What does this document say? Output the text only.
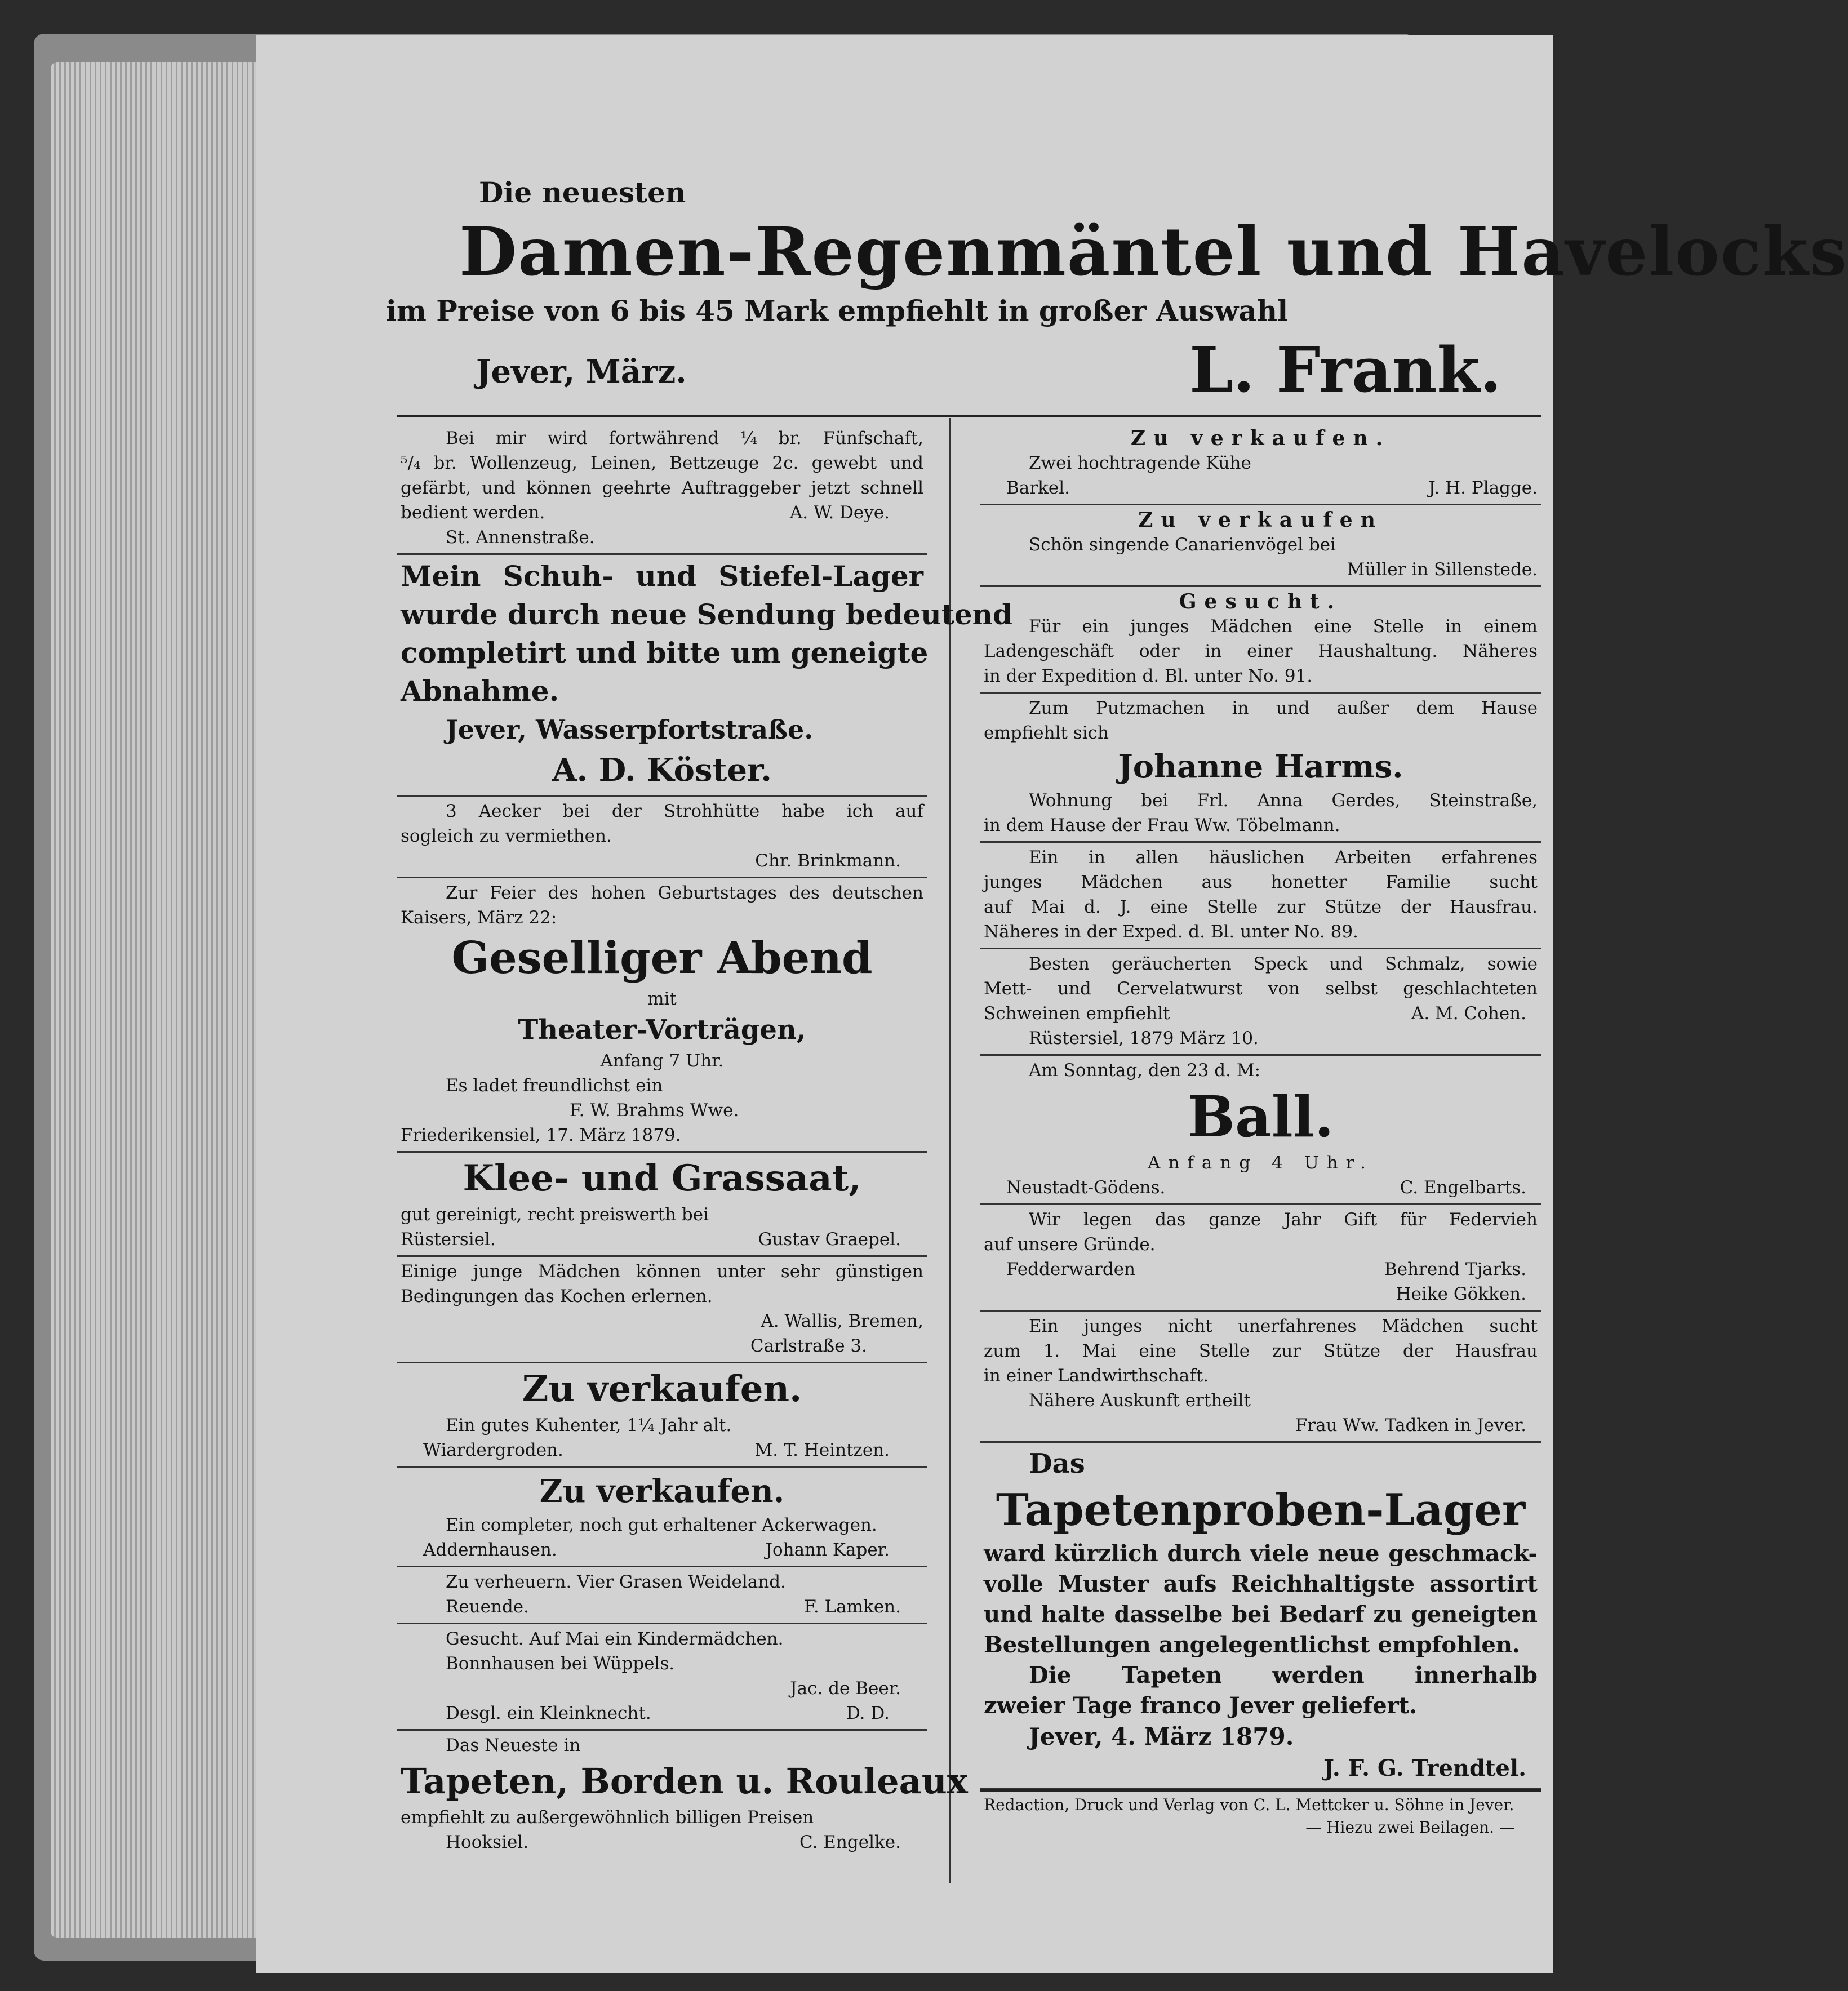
Die neuesten
Damen-Regenmäntel und Havelocks
im Preise von 6 bis 45 Mark empfiehlt in großer Auswahl
Jever, März.	L. Frank.
Bei mir wird fortwährend ¼ br. Fünfschaft,
⁵/₄ br. Wollenzeug, Leinen, Bettzeuge 2c. gewebt und
gefärbt, und können geehrte Auftraggeber jetzt schnell
bedient werden.	A. W. Deye.
St. Annenstraße.
Mein Schuh- und Stiefel-Lager
wurde durch neue Sendung bedeutend
completirt und bitte um geneigte
Abnahme.
Jever, Wasserpfortstraße.
A. D. Köster.
3 Aecker bei der Strohhütte habe ich auf
sogleich zu vermiethen.
Chr. Brinkmann.
Zur Feier des hohen Geburtstages des deutschen
Kaisers, März 22:
Geselliger Abend
mit
Theater-Vorträgen,
Anfang 7 Uhr.
Es ladet freundlichst ein
F. W. Brahms Wwe.
Friederikensiel, 17. März 1879.
Klee- und Grassaat,
gut gereinigt, recht preiswerth bei
Rüstersiel.	Gustav Graepel.
Einige junge Mädchen können unter sehr günstigen
Bedingungen das Kochen erlernen.
A. Wallis, Bremen,
Carlstraße 3.
Zu verkaufen.
Ein gutes Kuhenter, 1¼ Jahr alt.
Wiardergroden.	M. T. Heintzen.
Zu verkaufen.
Ein completer, noch gut erhaltener Ackerwagen.
Addernhausen.	Johann Kaper.
Zu verheuern. Vier Grasen Weideland.
Reuende.	F. Lamken.
Gesucht. Auf Mai ein Kindermädchen.
Bonnhausen bei Wüppels.
Jac. de Beer.
Desgl. ein Kleinknecht.	D. D.
Das Neueste in
Tapeten, Borden u. Rouleaux
empfiehlt zu außergewöhnlich billigen Preisen
Hooksiel.	C. Engelke.
Zu verkaufen.
Zwei hochtragende Kühe
Barkel.	J. H. Plagge.
Zu verkaufen
Schön singende Canarienvögel bei
Müller in Sillenstede.
Gesucht.
Für ein junges Mädchen eine Stelle in einem
Ladengeschäft oder in einer Haushaltung. Näheres
in der Expedition d. Bl. unter No. 91.
Zum Putzmachen in und außer dem Hause
empfiehlt sich
Johanne Harms.
Wohnung bei Frl. Anna Gerdes, Steinstraße,
in dem Hause der Frau Ww. Töbelmann.
Ein in allen häuslichen Arbeiten erfahrenes
junges Mädchen aus honetter Familie sucht
auf Mai d. J. eine Stelle zur Stütze der Hausfrau.
Näheres in der Exped. d. Bl. unter No. 89.
Besten geräucherten Speck und Schmalz, sowie
Mett- und Cervelatwurst von selbst geschlachteten
Schweinen empfiehlt	A. M. Cohen.
Rüstersiel, 1879 März 10.
Am Sonntag, den 23 d. M:
Ball.
Anfang 4 Uhr.
Neustadt-Gödens.	C. Engelbarts.
Wir legen das ganze Jahr Gift für Federvieh
auf unsere Gründe.
Fedderwarden	Behrend Tjarks.
Heike Gökken.
Ein junges nicht unerfahrenes Mädchen sucht
zum 1. Mai eine Stelle zur Stütze der Hausfrau
in einer Landwirthschaft.
Nähere Auskunft ertheilt
Frau Ww. Tadken in Jever.
Das
Tapetenproben-Lager
ward kürzlich durch viele neue geschmack-
volle Muster aufs Reichhaltigste assortirt
und halte dasselbe bei Bedarf zu geneigten
Bestellungen angelegentlichst empfohlen.
Die Tapeten werden innerhalb
zweier Tage franco Jever geliefert.
Jever, 4. März 1879.
J. F. G. Trendtel.
Redaction, Druck und Verlag von C. L. Mettcker u. Söhne in Jever.
— Hiezu zwei Beilagen. —
